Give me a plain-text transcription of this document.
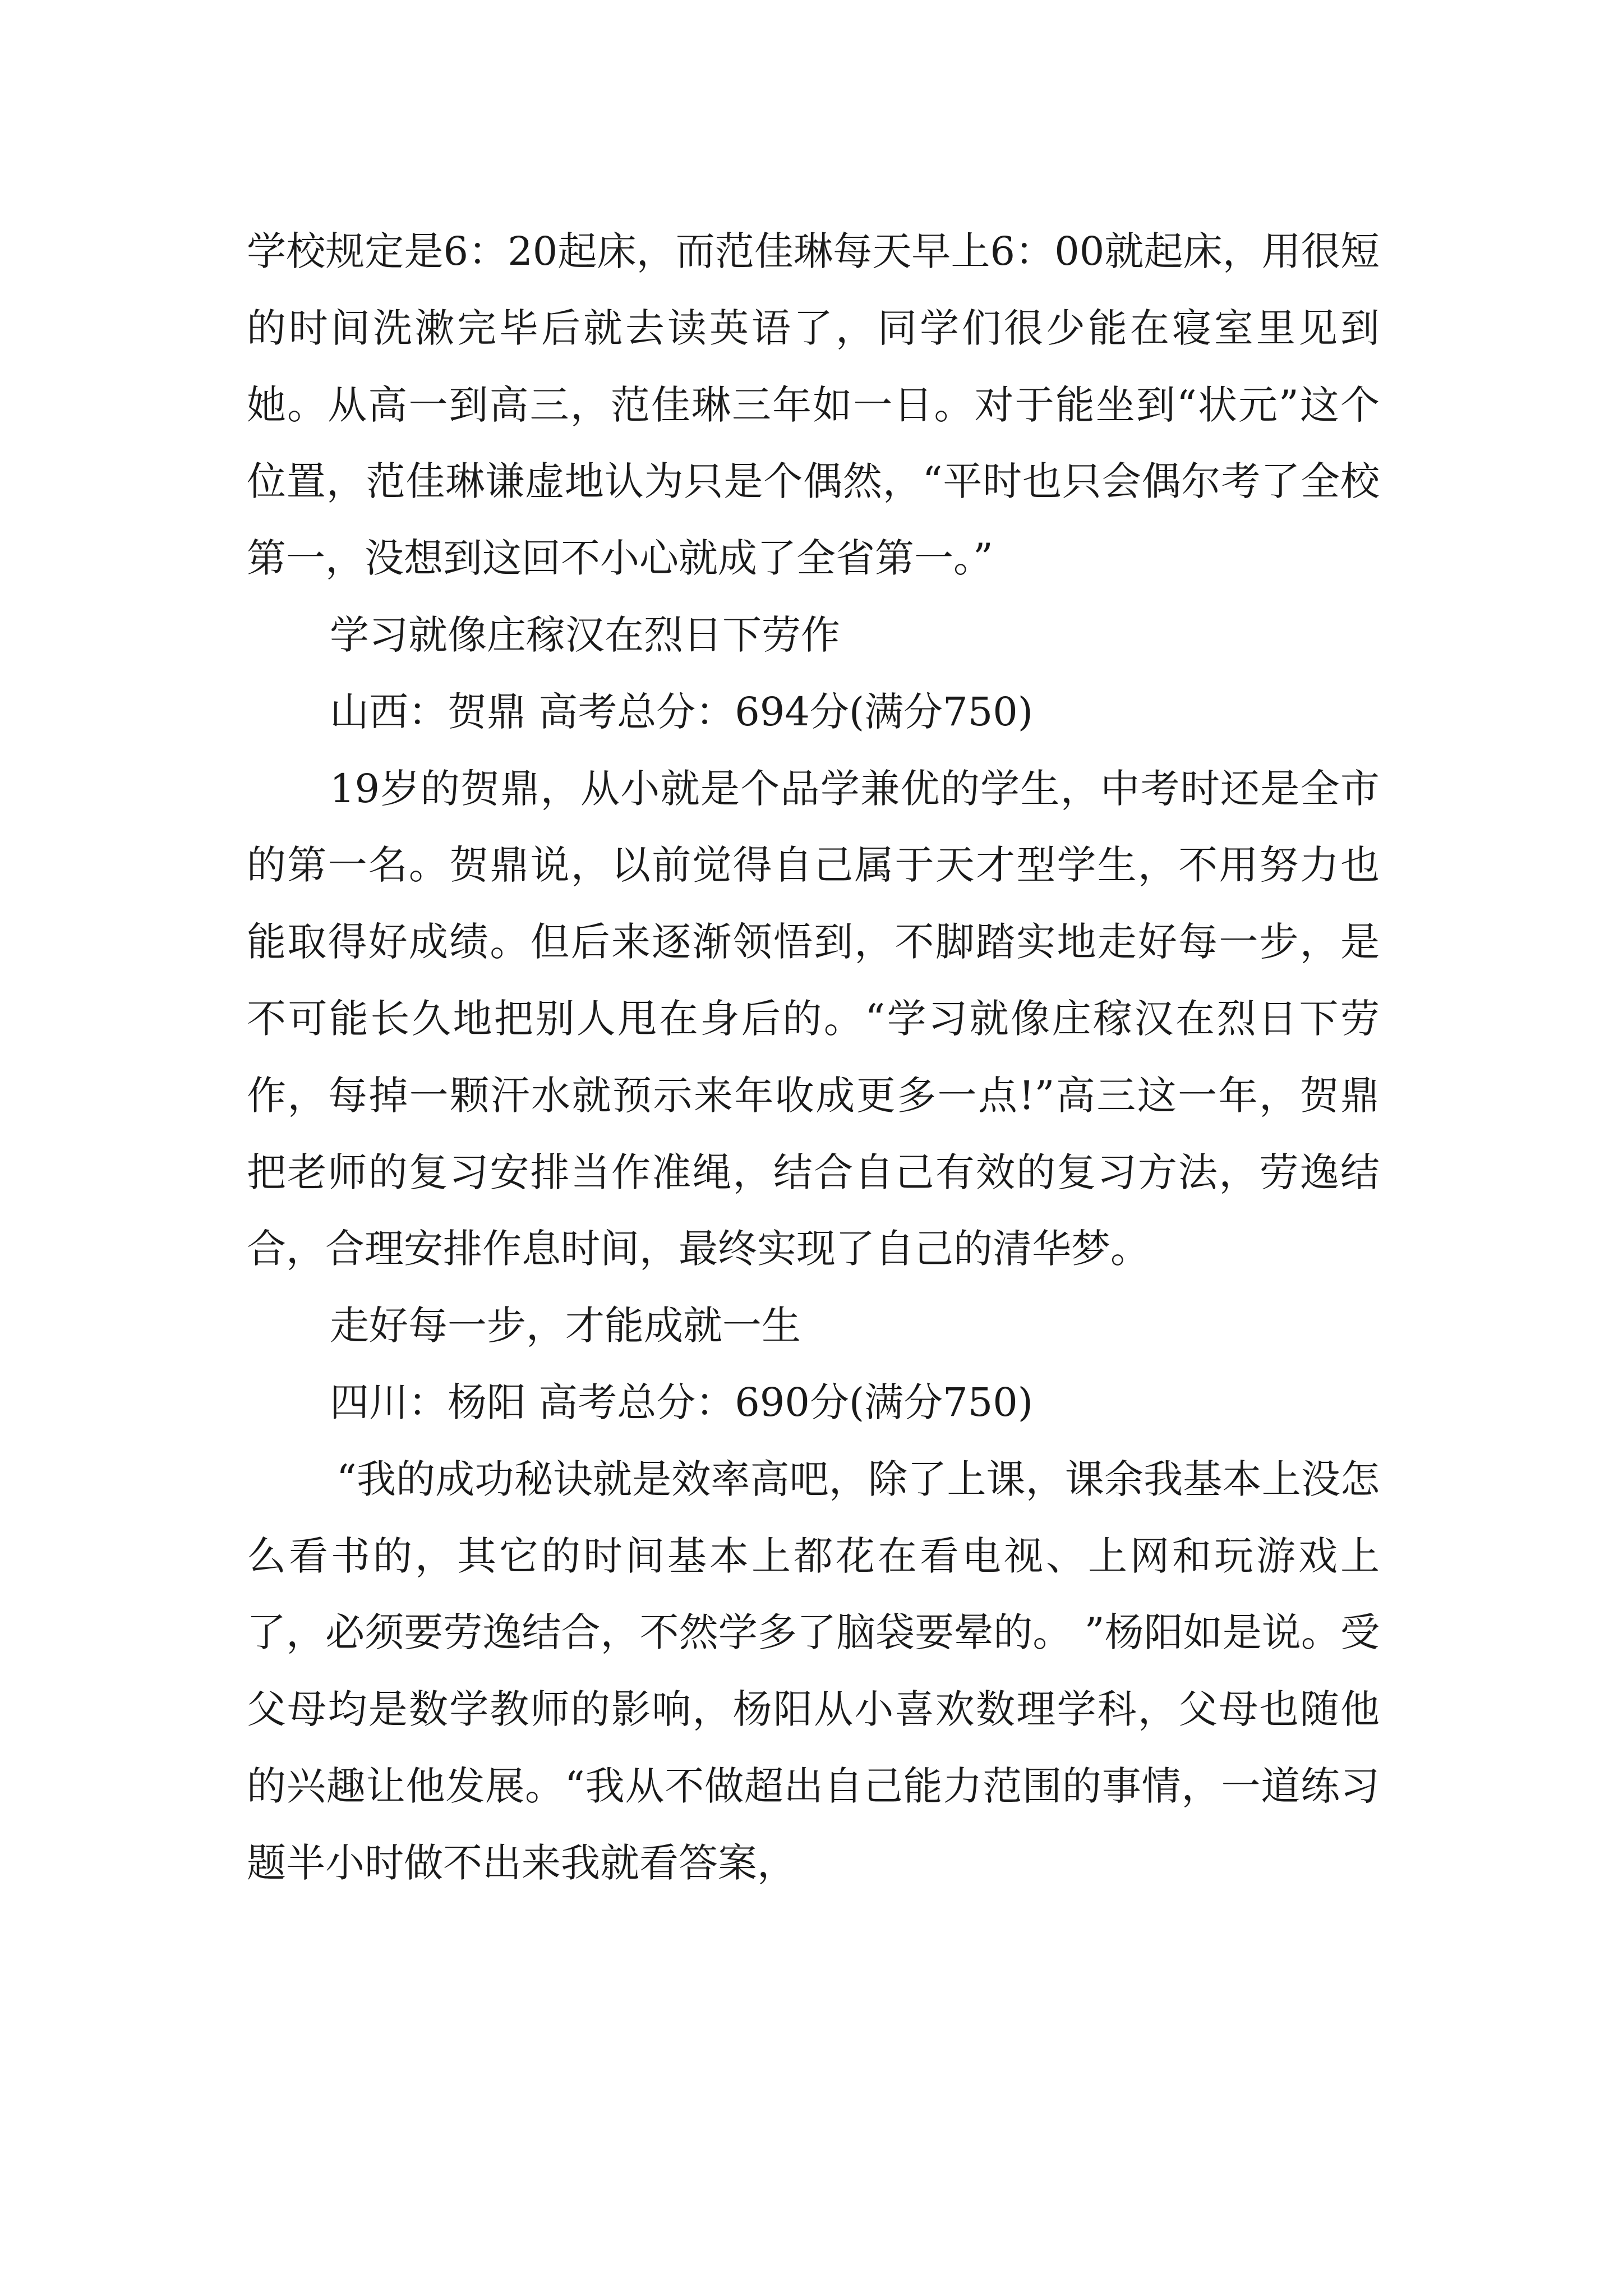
学校规定是6：20起床，而范佳琳每天早上6：00就起床，用很短的时间洗漱完毕后就去读英语了，同学们很少能在寝室里见到她。从高一到高三，范佳琳三年如一日。对于能坐到“状元”这个位置，范佳琳谦虚地认为只是个偶然，“平时也只会偶尔考了全校第一，没想到这回不小心就成了全省第一。”

学习就像庄稼汉在烈日下劳作

山西：贺鼎 高考总分：694分(满分750)

19岁的贺鼎，从小就是个品学兼优的学生，中考时还是全市的第一名。贺鼎说，以前觉得自己属于天才型学生，不用努力也能取得好成绩。但后来逐渐领悟到，不脚踏实地走好每一步，是不可能长久地把别人甩在身后的。“学习就像庄稼汉在烈日下劳作，每掉一颗汗水就预示来年收成更多一点!”高三这一年，贺鼎把老师的复习安排当作准绳，结合自己有效的复习方法，劳逸结合，合理安排作息时间，最终实现了自己的清华梦。

走好每一步，才能成就一生

四川：杨阳 高考总分：690分(满分750)

“我的成功秘诀就是效率高吧，除了上课，课余我基本上没怎么看书的，其它的时间基本上都花在看电视、上网和玩游戏上了，必须要劳逸结合，不然学多了脑袋要晕的。 ”杨阳如是说。受父母均是数学教师的影响，杨阳从小喜欢数理学科，父母也随他的兴趣让他发展。“我从不做超出自己能力范围的事情，一道练习题半小时做不出来我就看答案，
